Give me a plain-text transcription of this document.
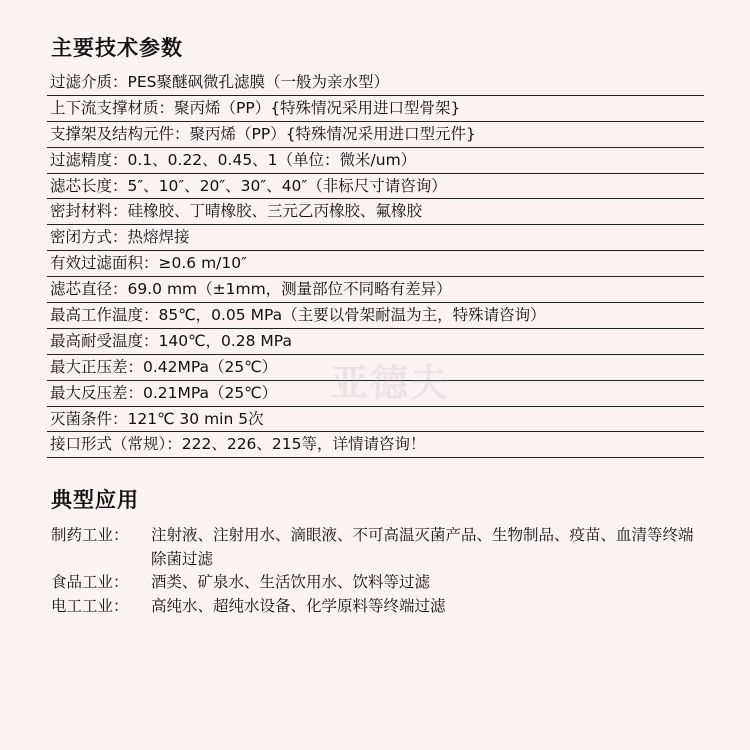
主要技术参数
过滤介质：PES聚醚砜微孔滤膜（一般为亲水型）
上下流支撑材质：聚丙烯（PP）{特殊情况采用进口型骨架}
支撑架及结构元件：聚丙烯（PP）{特殊情况采用进口型元件}
过滤精度：0.1、0.22、0.45、1（单位：微米/um）
滤芯长度：5″、10″、20″、30″、40″（非标尺寸请咨询）
密封材料：硅橡胶、丁晴橡胶、三元乙丙橡胶、氟橡胶
密闭方式：热熔焊接
有效过滤面积：≥0.6 m/10″
滤芯直径：69.0 mm（±1mm，测量部位不同略有差异）
最高工作温度：85℃，0.05 MPa（主要以骨架耐温为主，特殊请咨询）
最高耐受温度：140℃，0.28 MPa
最大正压差：0.42MPa（25℃）
最大反压差：0.21MPa（25℃）
灭菌条件：121℃ 30 min 5次
接口形式（常规）：222、226、215等，详情请咨询！
亚德夫
典型应用
制药工业： 注射液、注射用水、滴眼液、不可高温灭菌产品、生物制品、疫苗、血清等终端除菌过滤
食品工业： 酒类、矿泉水、生活饮用水、饮料等过滤
电工工业： 高纯水、超纯水设备、化学原料等终端过滤
